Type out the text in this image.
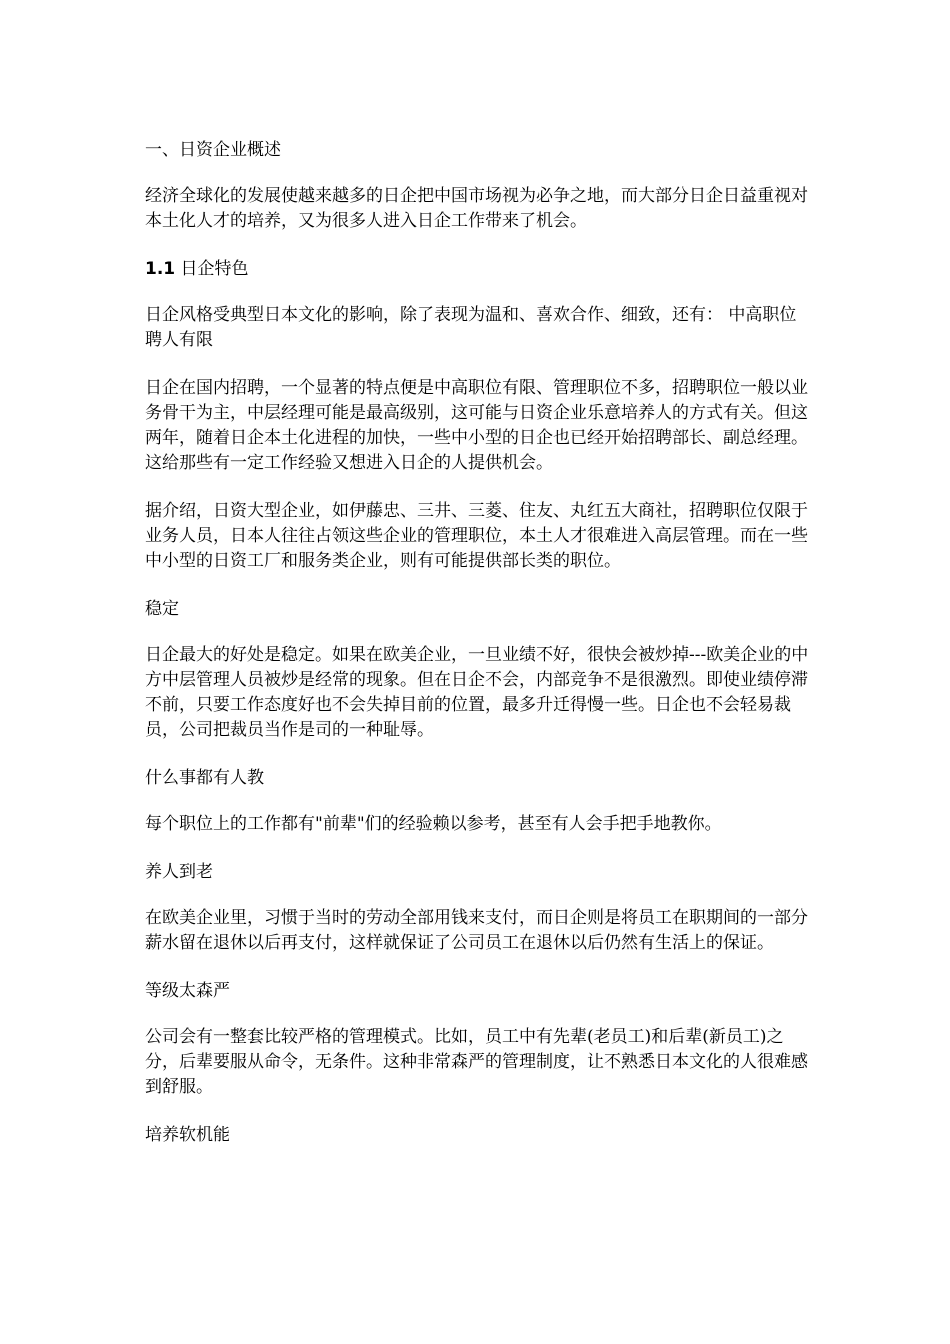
一、日资企业概述

经济全球化的发展使越来越多的日企把中国市场视为必争之地，而大部分日企日益重视对本土化人才的培养，又为很多人进入日企工作带来了机会。

1.1 日企特色

日企风格受典型日本文化的影响，除了表现为温和、喜欢合作、细致，还有： 中高职位聘人有限

日企在国内招聘，一个显著的特点便是中高职位有限、管理职位不多，招聘职位一般以业务骨干为主，中层经理可能是最高级别，这可能与日资企业乐意培养人的方式有关。但这两年，随着日企本土化进程的加快，一些中小型的日企也已经开始招聘部长、副总经理。这给那些有一定工作经验又想进入日企的人提供机会。

据介绍，日资大型企业，如伊藤忠、三井、三菱、住友、丸红五大商社，招聘职位仅限于业务人员，日本人往往占领这些企业的管理职位，本土人才很难进入高层管理。而在一些中小型的日资工厂和服务类企业，则有可能提供部长类的职位。

稳定

日企最大的好处是稳定。如果在欧美企业，一旦业绩不好，很快会被炒掉---欧美企业的中方中层管理人员被炒是经常的现象。但在日企不会，内部竞争不是很激烈。即使业绩停滞不前，只要工作态度好也不会失掉目前的位置，最多升迁得慢一些。日企也不会轻易裁员，公司把裁员当作是司的一种耻辱。

什么事都有人教

每个职位上的工作都有"前辈"们的经验赖以参考，甚至有人会手把手地教你。

养人到老

在欧美企业里，习惯于当时的劳动全部用钱来支付，而日企则是将员工在职期间的一部分薪水留在退休以后再支付，这样就保证了公司员工在退休以后仍然有生活上的保证。

等级太森严

公司会有一整套比较严格的管理模式。比如，员工中有先辈(老员工)和后辈(新员工)之分，后辈要服从命令，无条件。这种非常森严的管理制度，让不熟悉日本文化的人很难感到舒服。

培养软机能
